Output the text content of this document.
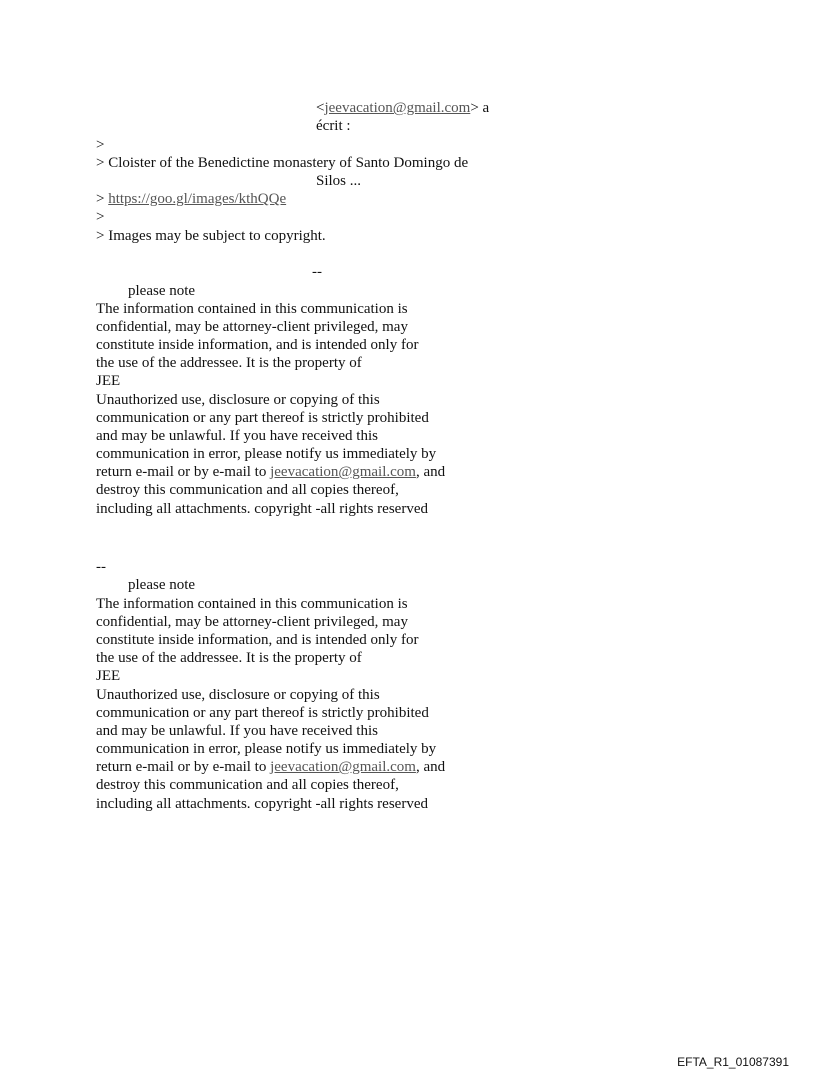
<jeevacation@gmail.com> a
écrit :
>
> Cloister of the Benedictine monastery of Santo Domingo de
Silos ...
> https://goo.gl/images/kthQQe
>
> Images may be subject to copyright.
--
please note
The information contained in this communication is
confidential, may be attorney-client privileged, may
constitute inside information, and is intended only for
the use of the addressee. It is the property of
JEE
Unauthorized use, disclosure or copying of this
communication or any part thereof is strictly prohibited
and may be unlawful. If you have received this
communication in error, please notify us immediately by
return e-mail or by e-mail to jeevacation@gmail.com, and
destroy this communication and all copies thereof,
including all attachments. copyright -all rights reserved
--
please note
The information contained in this communication is
confidential, may be attorney-client privileged, may
constitute inside information, and is intended only for
the use of the addressee. It is the property of
JEE
Unauthorized use, disclosure or copying of this
communication or any part thereof is strictly prohibited
and may be unlawful. If you have received this
communication in error, please notify us immediately by
return e-mail or by e-mail to jeevacation@gmail.com, and
destroy this communication and all copies thereof,
including all attachments. copyright -all rights reserved
EFTA_R1_01087391
